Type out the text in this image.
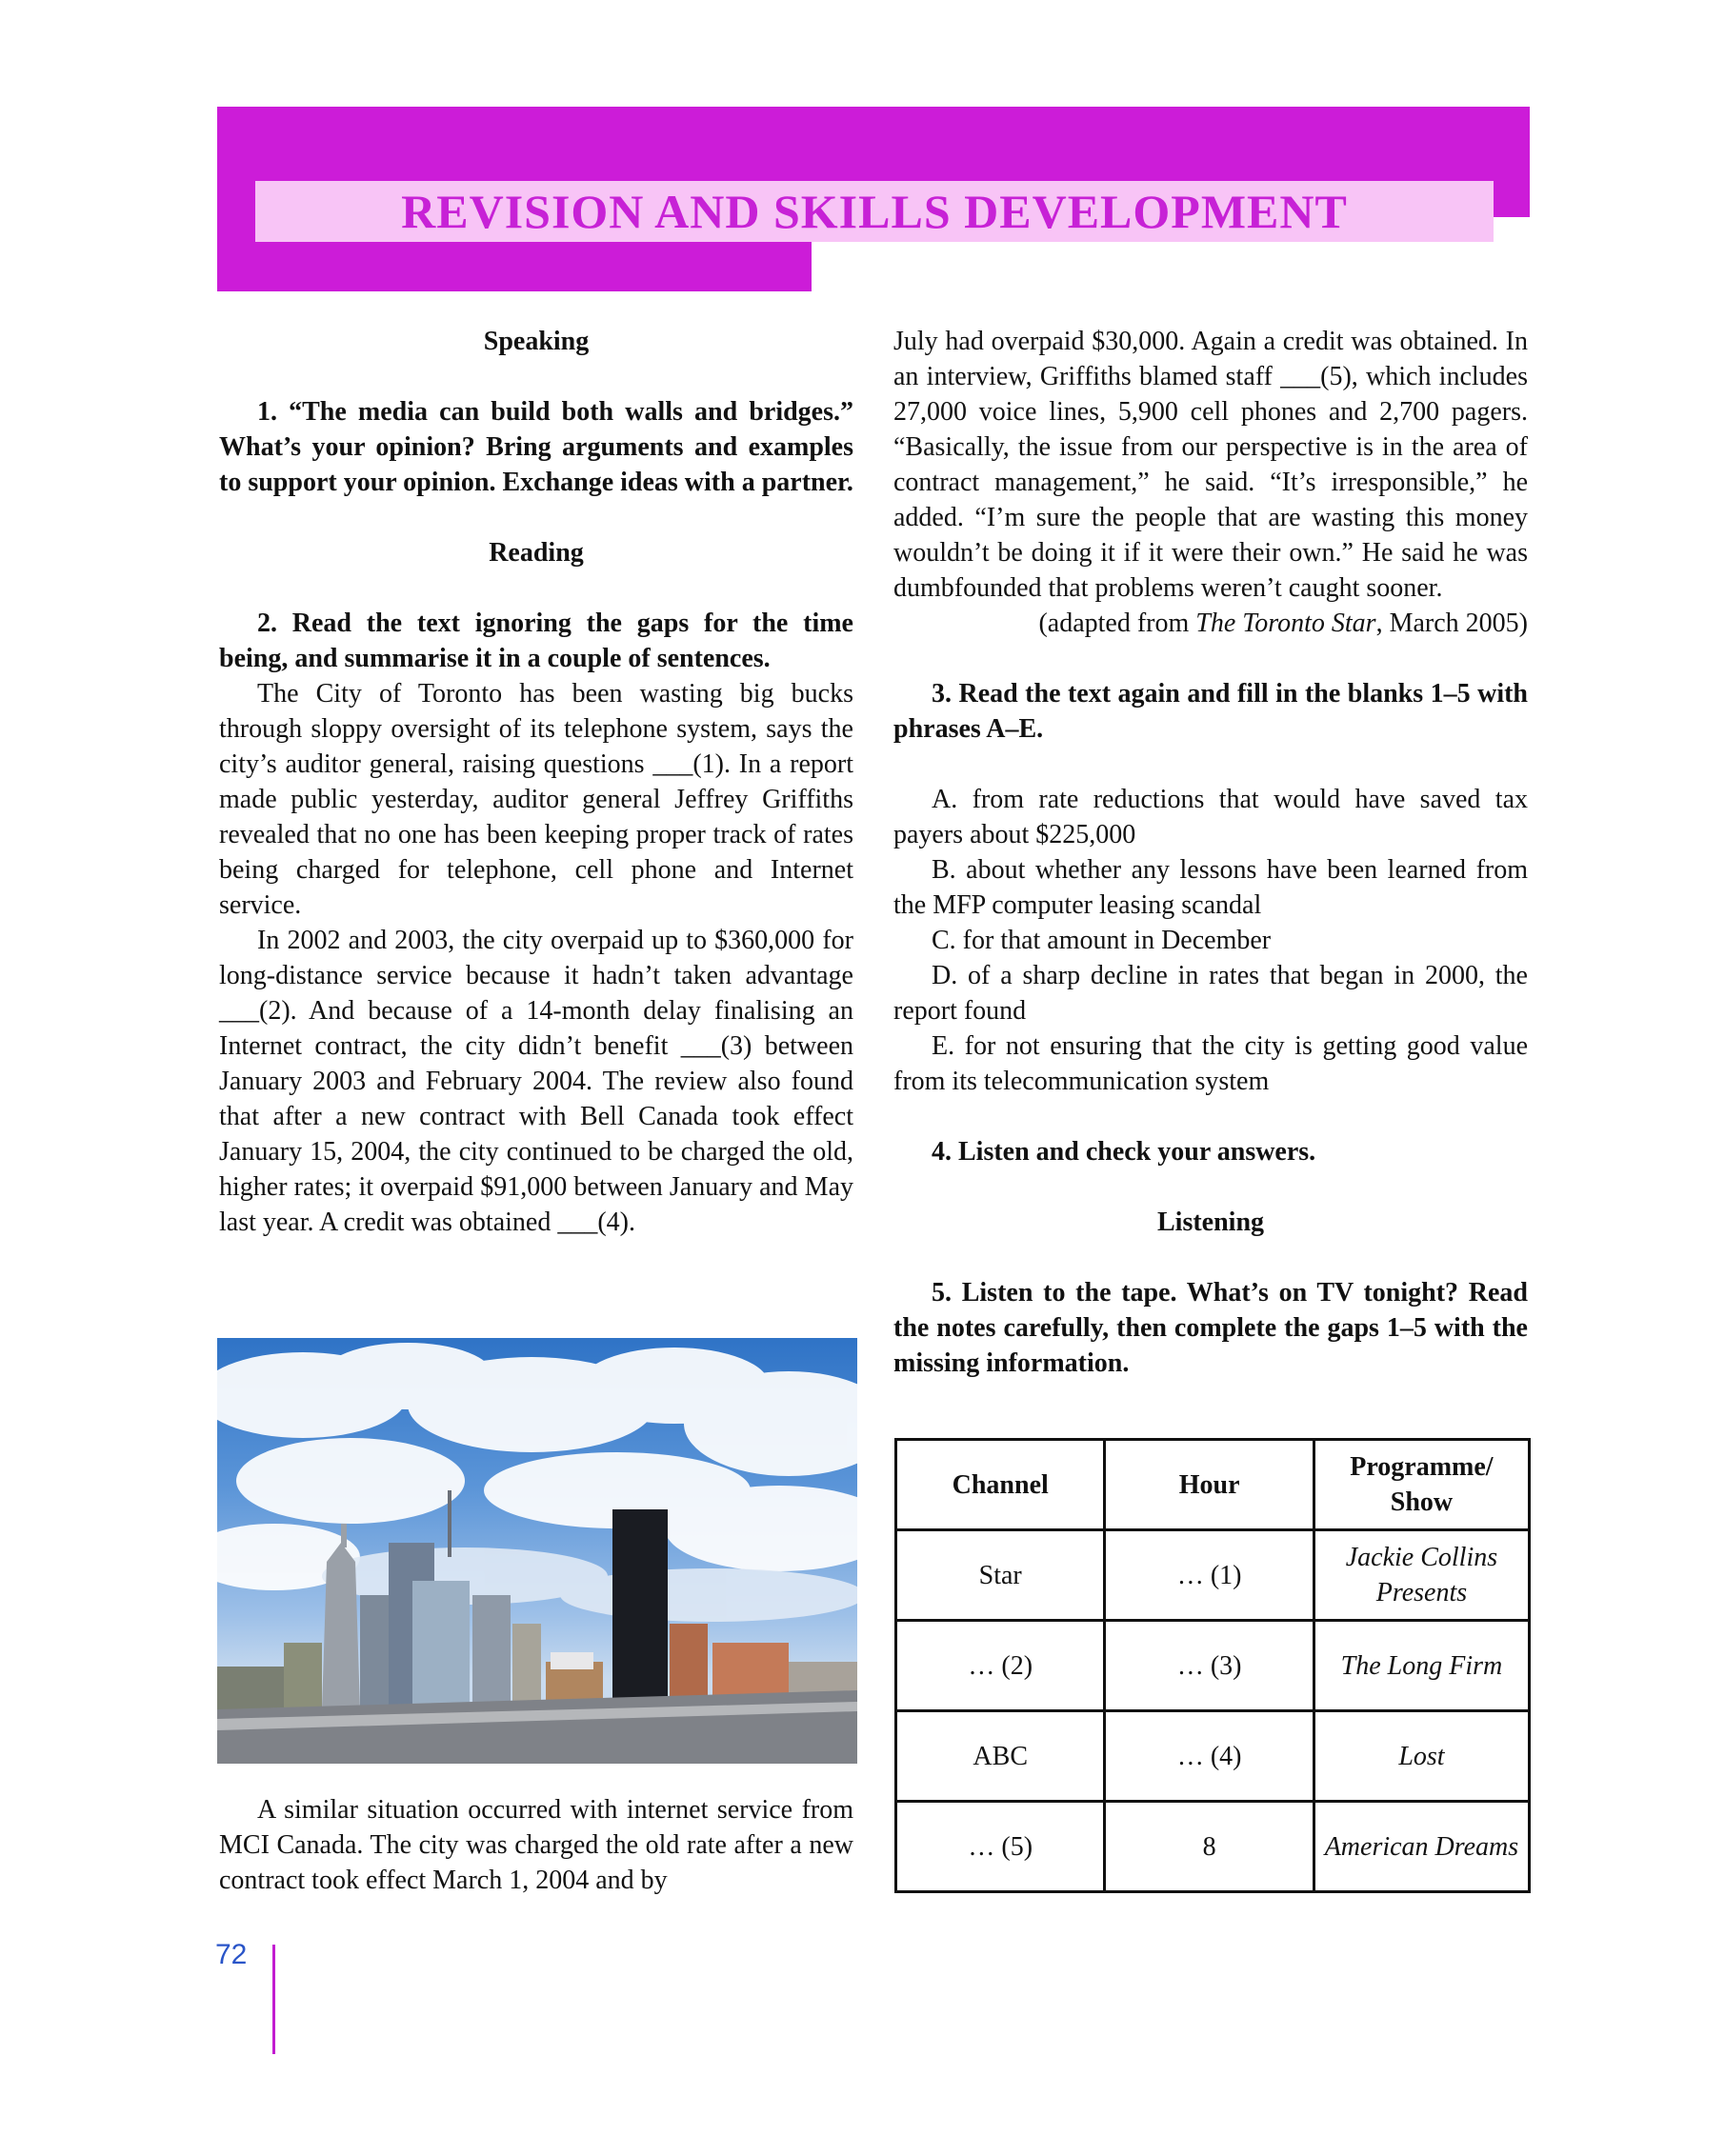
REVISION AND SKILLS DEVELOPMENT

Speaking

1. “The media can build both walls and bridges.” What’s your opinion? Bring arguments and examples to support your opinion. Exchange ideas with a partner.

Reading

2. Read the text ignoring the gaps for the time being, and summarise it in a couple of sentences.

The City of Toronto has been wasting big bucks through sloppy oversight of its telephone system, says the city’s auditor general, raising questions ___(1). In a report made public yesterday, auditor general Jeffrey Griffiths revealed that no one has been keeping proper track of rates being charged for telephone, cell phone and Internet service.

In 2002 and 2003, the city overpaid up to $360,000 for long-distance service because it hadn’t taken advantage ___(2). And because of a 14-month delay finalising an Internet contract, the city didn’t benefit ___(3) between January 2003 and February 2004. The review also found that after a new contract with Bell Canada took effect January 15, 2004, the city continued to be charged the old, higher rates; it overpaid $91,000 between January and May last year. A credit was obtained ___(4).

A similar situation occurred with internet service from MCI Canada. The city was charged the old rate after a new contract took effect March 1, 2004 and by

July had overpaid $30,000. Again a credit was obtained. In an interview, Griffiths blamed staff ___(5), which includes 27,000 voice lines, 5,900 cell phones and 2,700 pagers. “Basically, the issue from our perspective is in the area of contract management,” he said. “It’s irresponsible,” he added. “I’m sure the people that are wasting this money wouldn’t be doing it if it were their own.” He said he was dumbfounded that problems weren’t caught sooner.

(adapted from The Toronto Star, March 2005)

3. Read the text again and fill in the blanks 1–5 with phrases A–E.

A. from rate reductions that would have saved tax payers about $225,000

B. about whether any lessons have been learned from the MFP computer leasing scandal

C. for that amount in December

D. of a sharp decline in rates that began in 2000, the report found

E. for not ensuring that the city is getting good value from its telecommunication system

4. Listen and check your answers.

Listening

5. Listen to the tape. What’s on TV tonight? Read the notes carefully, then complete the gaps 1–5 with the missing information.

Channel	Hour	Programme/ Show
Star	… (1)	Jackie Collins Presents
… (2)	… (3)	The Long Firm
ABC	… (4)	Lost
… (5)	8	American Dreams
72
